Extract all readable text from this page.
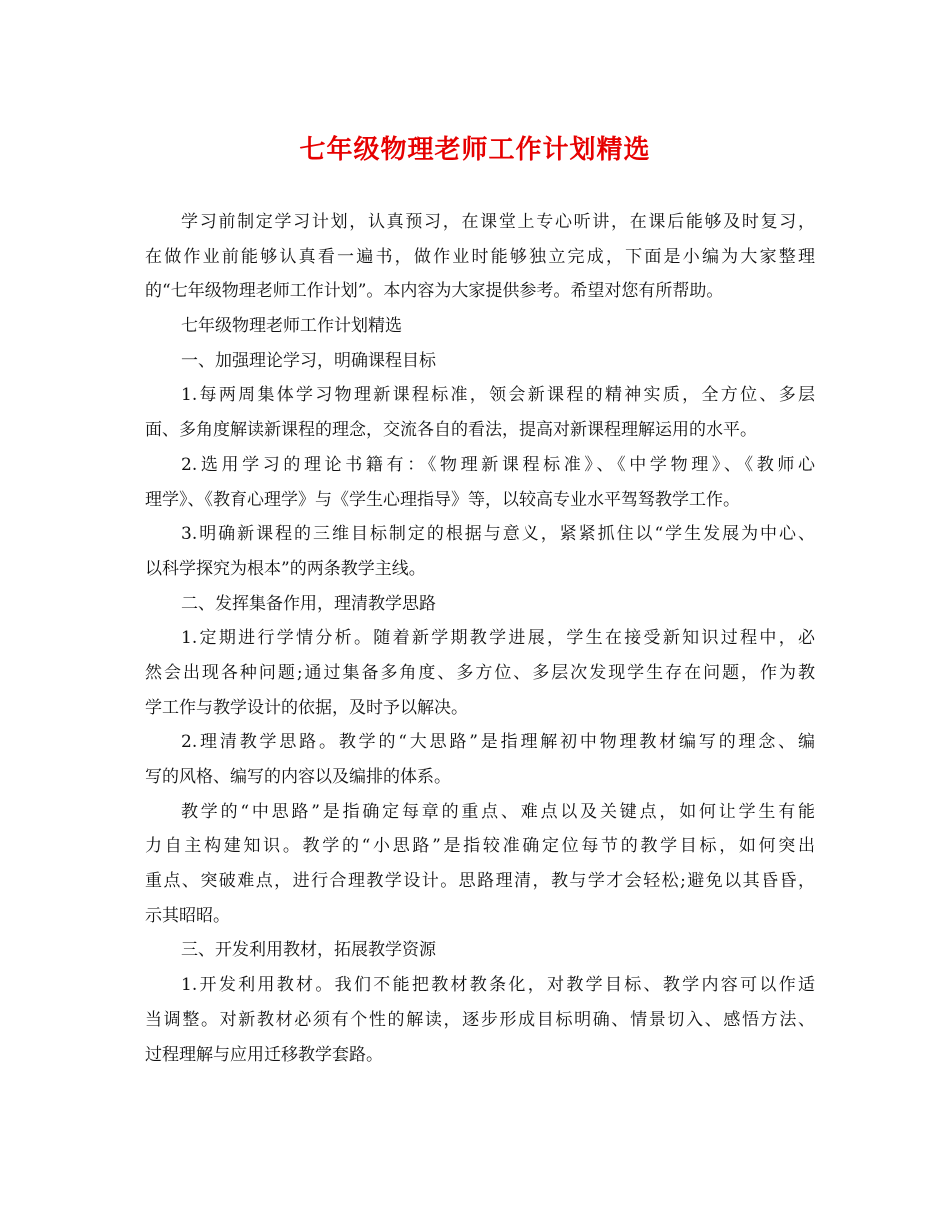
七年级物理老师工作计划精选
学习前制定学习计划，认真预习，在课堂上专心听讲，在课后能够及时复习，
在做作业前能够认真看一遍书，做作业时能够独立完成，下面是小编为大家整理
的“七年级物理老师工作计划”。本内容为大家提供参考。希望对您有所帮助。
七年级物理老师工作计划精选
一、加强理论学习，明确课程目标
1.每两周集体学习物理新课程标准，领会新课程的精神实质，全方位、多层
面、多角度解读新课程的理念，交流各自的看法，提高对新课程理解运用的水平。
2.选用学习的理论书籍有：《物理新课程标准》、《中学物理》、《教师心
理学》、《教育心理学》与《学生心理指导》等，以较高专业水平驾驽教学工作。
3.明确新课程的三维目标制定的根据与意义，紧紧抓住以“学生发展为中心、
以科学探究为根本”的两条教学主线。
二、发挥集备作用，理清教学思路
1.定期进行学情分析。随着新学期教学进展，学生在接受新知识过程中，必
然会出现各种问题;通过集备多角度、多方位、多层次发现学生存在问题，作为教
学工作与教学设计的依据，及时予以解决。
2.理清教学思路。教学的“大思路”是指理解初中物理教材编写的理念、编
写的风格、编写的内容以及编排的体系。
教学的“中思路”是指确定每章的重点、难点以及关键点，如何让学生有能
力自主构建知识。教学的“小思路”是指较准确定位每节的教学目标，如何突出
重点、突破难点，进行合理教学设计。思路理清，教与学才会轻松;避免以其昏昏，
示其昭昭。
三、开发利用教材，拓展教学资源
1.开发利用教材。我们不能把教材教条化，对教学目标、教学内容可以作适
当调整。对新教材必须有个性的解读，逐步形成目标明确、情景切入、感悟方法、
过程理解与应用迁移教学套路。
